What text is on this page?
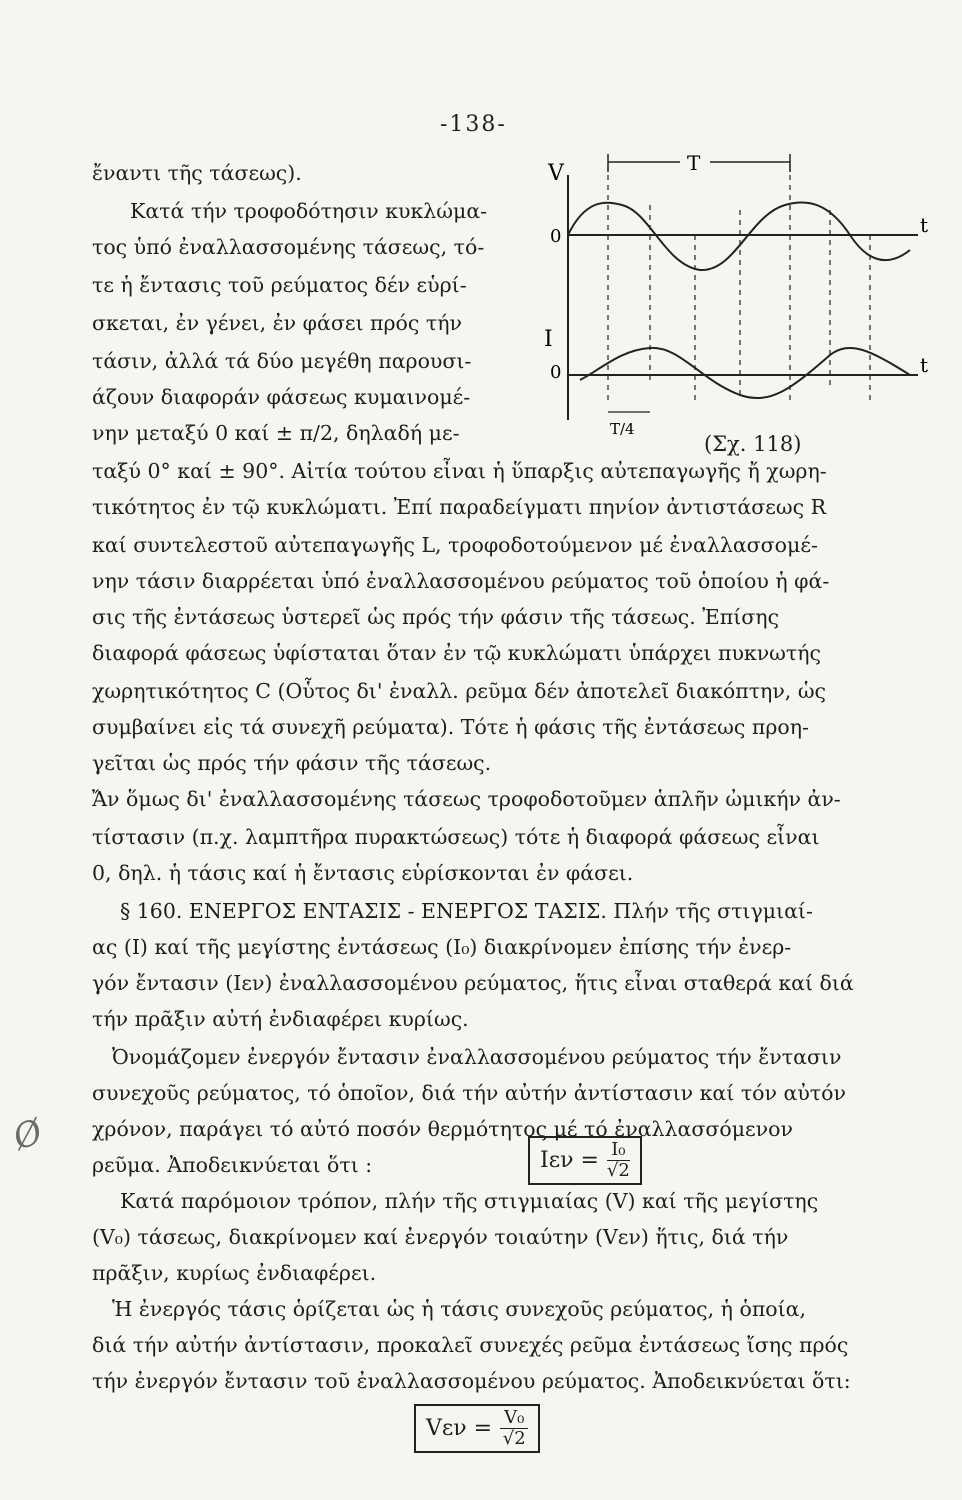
-138-
V
0	t
T
I
0	t
T/4
(Σχ. 118)
ἔναντι τῆς τάσεως).
Κατά τήν τροφοδότησιν κυκλώμα-
τος ὑπό ἐναλλασσομένης τάσεως, τό-
τε ἡ ἔντασις τοῦ ρεύματος δέν εὑρί-
σκεται, ἐν γένει, ἐν φάσει πρός τήν
τάσιν, ἀλλά τά δύο μεγέθη παρουσι-
άζουν διαφοράν φάσεως κυμαινομέ-
νην μεταξύ 0 καί ± π/2, δηλαδή με-
ταξύ 0° καί ± 90°. Αἰτία τούτου εἶναι ἡ ὕπαρξις αὐτεπαγωγῆς ἤ χωρη-
τικότητος ἐν τῷ κυκλώματι. Ἐπί παραδείγματι πηνίον ἀντιστάσεως R
καί συντελεστοῦ αὐτεπαγωγῆς L, τροφοδοτούμενον μέ ἐναλλασσομέ-
νην τάσιν διαρρέεται ὑπό ἐναλλασσομένου ρεύματος τοῦ ὁποίου ἡ φά-
σις τῆς ἐντάσεως ὑστερεῖ ὡς πρός τήν φάσιν τῆς τάσεως. Ἐπίσης
διαφορά φάσεως ὑφίσταται ὅταν ἐν τῷ κυκλώματι ὑπάρχει πυκνωτής
χωρητικότητος C (Οὗτος δι' ἐναλλ. ρεῦμα δέν ἀποτελεῖ διακόπτην, ὡς
συμβαίνει εἰς τά συνεχῆ ρεύματα). Τότε ἡ φάσις τῆς ἐντάσεως προη-
γεῖται ὡς πρός τήν φάσιν τῆς τάσεως.
Ἄν ὅμως δι' ἐναλλασσομένης τάσεως τροφοδοτοῦμεν ἁπλῆν ὠμικήν ἀν-
τίστασιν (π.χ. λαμπτῆρα πυρακτώσεως) τότε ἡ διαφορά φάσεως εἶναι
0, δηλ. ἡ τάσις καί ἡ ἔντασις εὑρίσκονται ἐν φάσει.
§ 160. ΕΝΕΡΓΟΣ ΕΝΤΑΣΙΣ - ΕΝΕΡΓΟΣ ΤΑΣΙΣ. Πλήν τῆς στιγμιαί-
ας (I) καί τῆς μεγίστης ἐντάσεως (I₀) διακρίνομεν ἐπίσης τήν ἐνερ-
γόν ἔντασιν (Iεν) ἐναλλασσομένου ρεύματος, ἥτις εἶναι σταθερά καί διά
τήν πρᾶξιν αὐτή ἐνδιαφέρει κυρίως.
Ὀνομάζομεν ἐνεργόν ἔντασιν ἐναλλασσομένου ρεύματος τήν ἔντασιν
συνεχοῦς ρεύματος, τό ὁποῖον, διά τήν αὐτήν ἀντίστασιν καί τόν αὐτόν
χρόνον, παράγει τό αὐτό ποσόν θερμότητος μέ τό ἐναλλασσόμενον
ρεῦμα. Ἀποδεικνύεται ὅτι :	$I\varepsilon\nu = \frac{\text{I₀}}{√2}$
Κατά παρόμοιον τρόπον, πλήν τῆς στιγμιαίας (V) καί τῆς μεγίστης
(V₀) τάσεως, διακρίνομεν καί ἐνεργόν τοιαύτην (Vεν) ἥτις, διά τήν
πρᾶξιν, κυρίως ἐνδιαφέρει.
Ἡ ἐνεργός τάσις ὁρίζεται ὡς ἡ τάσις συνεχοῦς ρεύματος, ἡ ὁποία,
διά τήν αὐτήν ἀντίστασιν, προκαλεῖ συνεχές ρεῦμα ἐντάσεως ἴσης πρός
τήν ἐνεργόν ἔντασιν τοῦ ἐναλλασσομένου ρεύματος. Ἀποδεικνύεται ὅτι:
$V\varepsilon\nu = \frac{\text{V₀}}{√2}$
Ø
